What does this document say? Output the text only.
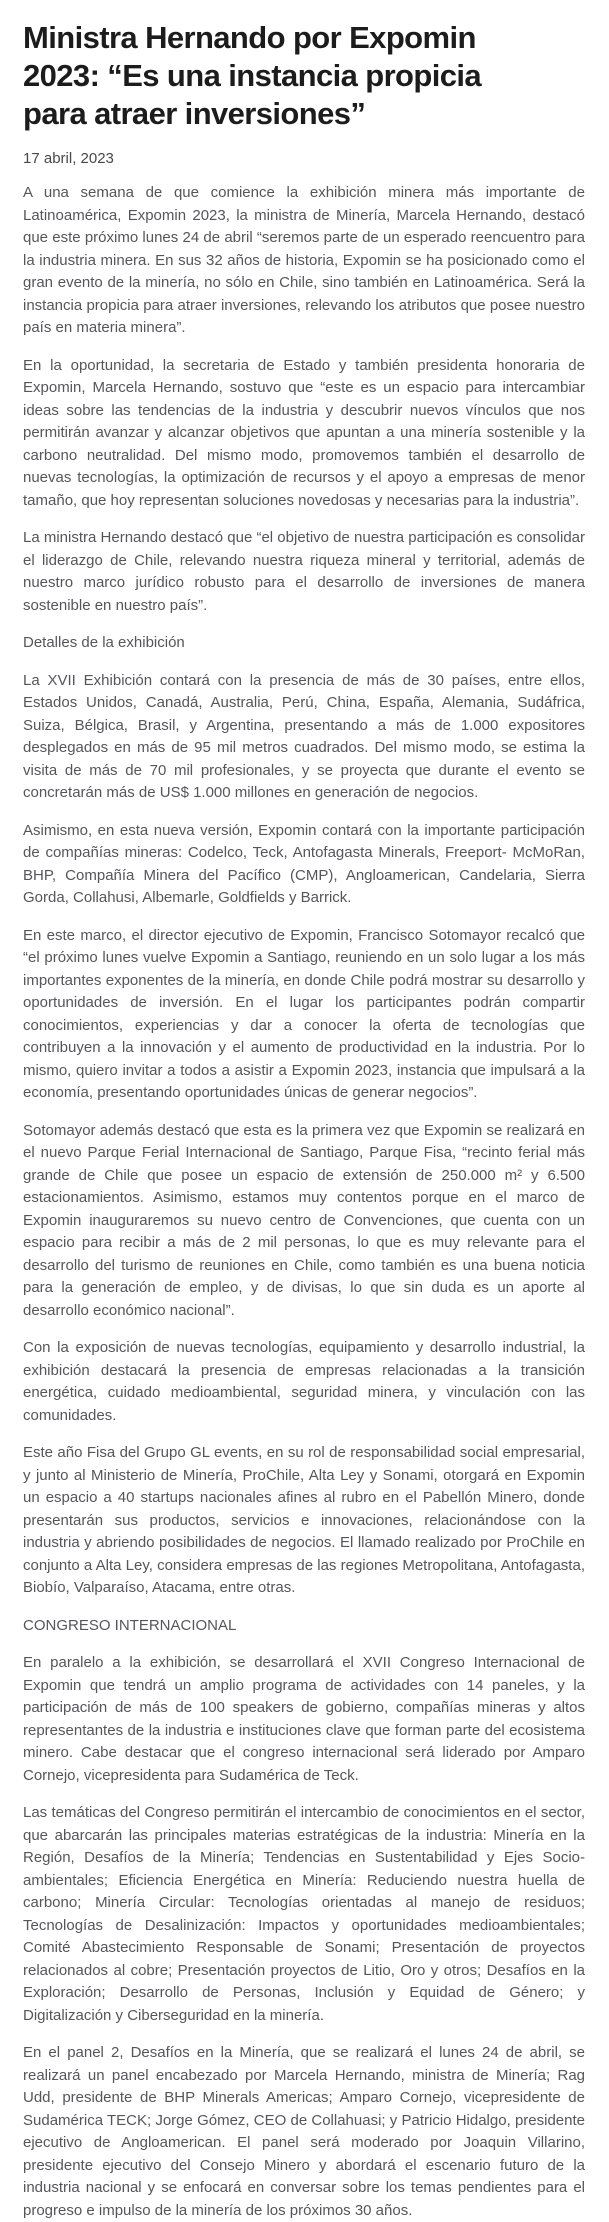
Ministra Hernando por Expomin 2023: “Es una instancia propicia para atraer inversiones”
17 abril, 2023

A una semana de que comience la exhibición minera más importante de Latinoamérica, Expomin 2023, la ministra de Minería, Marcela Hernando, destacó que este próximo lunes 24 de abril “seremos parte de un esperado reencuentro para la industria minera. En sus 32 años de historia, Expomin se ha posicionado como el gran evento de la minería, no sólo en Chile, sino también en Latinoamérica. Será la instancia propicia para atraer inversiones, relevando los atributos que posee nuestro país en materia minera”.

En la oportunidad, la secretaria de Estado y también presidenta honoraria de Expomin, Marcela Hernando, sostuvo que “este es un espacio para intercambiar ideas sobre las tendencias de la industria y descubrir nuevos vínculos que nos permitirán avanzar y alcanzar objetivos que apuntan a una minería sostenible y la carbono neutralidad. Del mismo modo, promovemos también el desarrollo de nuevas tecnologías, la optimización de recursos y el apoyo a empresas de menor tamaño, que hoy representan soluciones novedosas y necesarias para la industria”.

La ministra Hernando destacó que “el objetivo de nuestra participación es consolidar el liderazgo de Chile, relevando nuestra riqueza mineral y territorial, además de nuestro marco jurídico robusto para el desarrollo de inversiones de manera sostenible en nuestro país”.

Detalles de la exhibición

La XVII Exhibición contará con la presencia de más de 30 países, entre ellos, Estados Unidos, Canadá, Australia, Perú, China, España, Alemania, Sudáfrica, Suiza, Bélgica, Brasil, y Argentina, presentando a más de 1.000 expositores desplegados en más de 95 mil metros cuadrados. Del mismo modo, se estima la visita de más de 70 mil profesionales, y se proyecta que durante el evento se concretarán más de US$ 1.000 millones en generación de negocios.

Asimismo, en esta nueva versión, Expomin contará con la importante participación de compañías mineras: Codelco, Teck, Antofagasta Minerals, Freeport- McMoRan, BHP, Compañía Minera del Pacífico (CMP), Angloamerican, Candelaria, Sierra Gorda, Collahusi, Albemarle, Goldfields y Barrick.

En este marco, el director ejecutivo de Expomin, Francisco Sotomayor recalcó que “el próximo lunes vuelve Expomin a Santiago, reuniendo en un solo lugar a los más importantes exponentes de la minería, en donde Chile podrá mostrar su desarrollo y oportunidades de inversión. En el lugar los participantes podrán compartir conocimientos, experiencias y dar a conocer la oferta de tecnologías que contribuyen a la innovación y el aumento de productividad en la industria. Por lo mismo, quiero invitar a todos a asistir a Expomin 2023, instancia que impulsará a la economía, presentando oportunidades únicas de generar negocios”.

Sotomayor además destacó que esta es la primera vez que Expomin se realizará en el nuevo Parque Ferial Internacional de Santiago, Parque Fisa, “recinto ferial más grande de Chile que posee un espacio de extensión de 250.000 m² y 6.500 estacionamientos. Asimismo, estamos muy contentos porque en el marco de Expomin inauguraremos su nuevo centro de Convenciones, que cuenta con un espacio para recibir a más de 2 mil personas, lo que es muy relevante para el desarrollo del turismo de reuniones en Chile, como también es una buena noticia para la generación de empleo, y de divisas, lo que sin duda es un aporte al desarrollo económico nacional”.

Con la exposición de nuevas tecnologías, equipamiento y desarrollo industrial, la exhibición destacará la presencia de empresas relacionadas a la transición energética, cuidado medioambiental, seguridad minera, y vinculación con las comunidades.

Este año Fisa del Grupo GL events, en su rol de responsabilidad social empresarial, y junto al Ministerio de Minería, ProChile, Alta Ley y Sonami, otorgará en Expomin un espacio a 40 startups nacionales afines al rubro en el Pabellón Minero, donde presentarán sus productos, servicios e innovaciones, relacionándose con la industria y abriendo posibilidades de negocios. El llamado realizado por ProChile en conjunto a Alta Ley, considera empresas de las regiones Metropolitana, Antofagasta, Biobío, Valparaíso, Atacama, entre otras.

CONGRESO INTERNACIONAL

En paralelo a la exhibición, se desarrollará el XVII Congreso Internacional de Expomin que tendrá un amplio programa de actividades con 14 paneles, y la participación de más de 100 speakers de gobierno, compañías mineras y altos representantes de la industria e instituciones clave que forman parte del ecosistema minero. Cabe destacar que el congreso internacional será liderado por Amparo Cornejo, vicepresidenta para Sudamérica de Teck.

Las temáticas del Congreso permitirán el intercambio de conocimientos en el sector, que abarcarán las principales materias estratégicas de la industria: Minería en la Región, Desafíos de la Minería; Tendencias en Sustentabilidad y Ejes Socio-ambientales; Eficiencia Energética en Minería: Reduciendo nuestra huella de carbono; Minería Circular: Tecnologías orientadas al manejo de residuos; Tecnologías de Desalinización: Impactos y oportunidades medioambientales; Comité Abastecimiento Responsable de Sonami; Presentación de proyectos relacionados al cobre; Presentación proyectos de Litio, Oro y otros; Desafíos en la Exploración; Desarrollo de Personas, Inclusión y Equidad de Género; y Digitalización y Ciberseguridad en la minería.

En el panel 2, Desafíos en la Minería, que se realizará el lunes 24 de abril, se realizará un panel encabezado por Marcela Hernando, ministra de Minería; Rag Udd, presidente de BHP Minerals Americas; Amparo Cornejo, vicepresidente de Sudamérica TECK; Jorge Gómez, CEO de Collahuasi; y Patricio Hidalgo, presidente ejecutivo de Angloamerican. El panel será moderado por Joaquin Villarino, presidente ejecutivo del Consejo Minero y abordará el escenario futuro de la industria nacional y se enfocará en conversar sobre los temas pendientes para el progreso e impulso de la minería de los próximos 30 años.
